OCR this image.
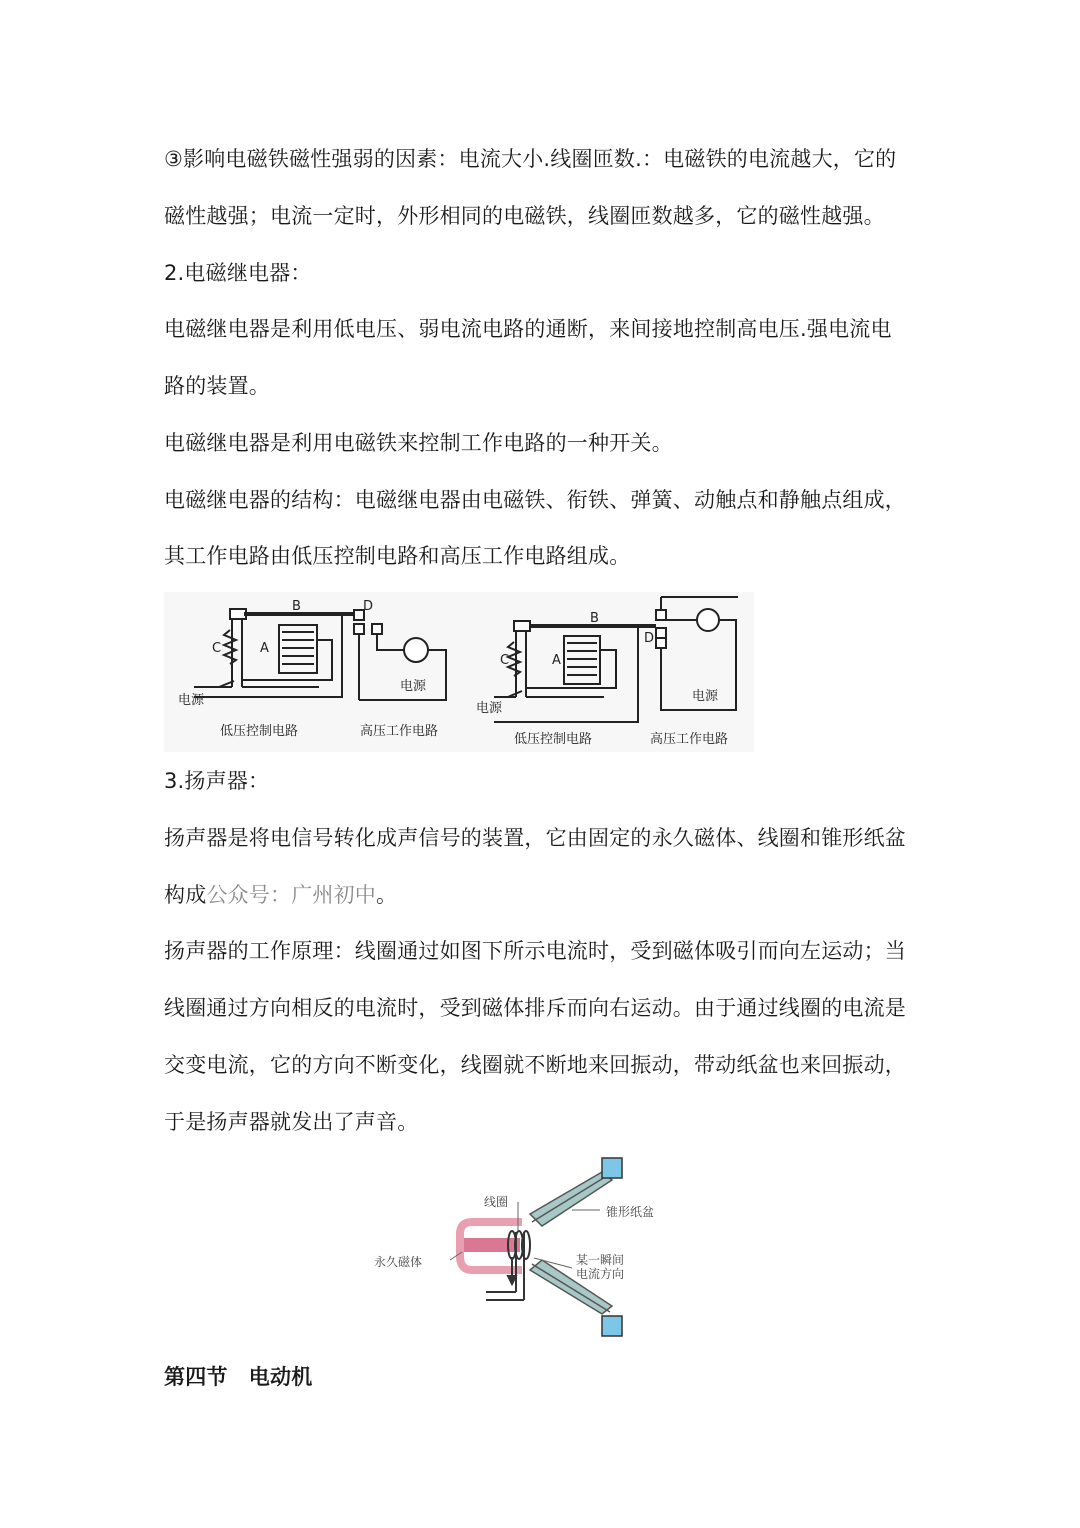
③影响电磁铁磁性强弱的因素：电流大小.线圈匝数.：电磁铁的电流越大，它的

磁性越强；电流一定时，外形相同的电磁铁，线圈匝数越多，它的磁性越强。

2.电磁继电器：

电磁继电器是利用低电压、弱电流电路的通断，来间接地控制高电压.强电流电

路的装置。

电磁继电器是利用电磁铁来控制工作电路的一种开关。

电磁继电器的结构：电磁继电器由电磁铁、衔铁、弹簧、动触点和静触点组成，

其工作电路由低压控制电路和高压工作电路组成。

B
A
C
D
电源
电源
低压控制电路	高压工作电路
B
A
C
D
电源
电源
低压控制电路	高压工作电路

3.扬声器：

扬声器是将电信号转化成声信号的装置，它由固定的永久磁体、线圈和锥形纸盆

构成公众号：广州初中。

扬声器的工作原理：线圈通过如图下所示电流时，受到磁体吸引而向左运动；当

线圈通过方向相反的电流时，受到磁体排斥而向右运动。由于通过线圈的电流是

交变电流，它的方向不断变化，线圈就不断地来回振动，带动纸盆也来回振动，

于是扬声器就发出了声音。

线圈
锥形纸盆
永久磁体	某一瞬间
电流方向

第四节　电动机
